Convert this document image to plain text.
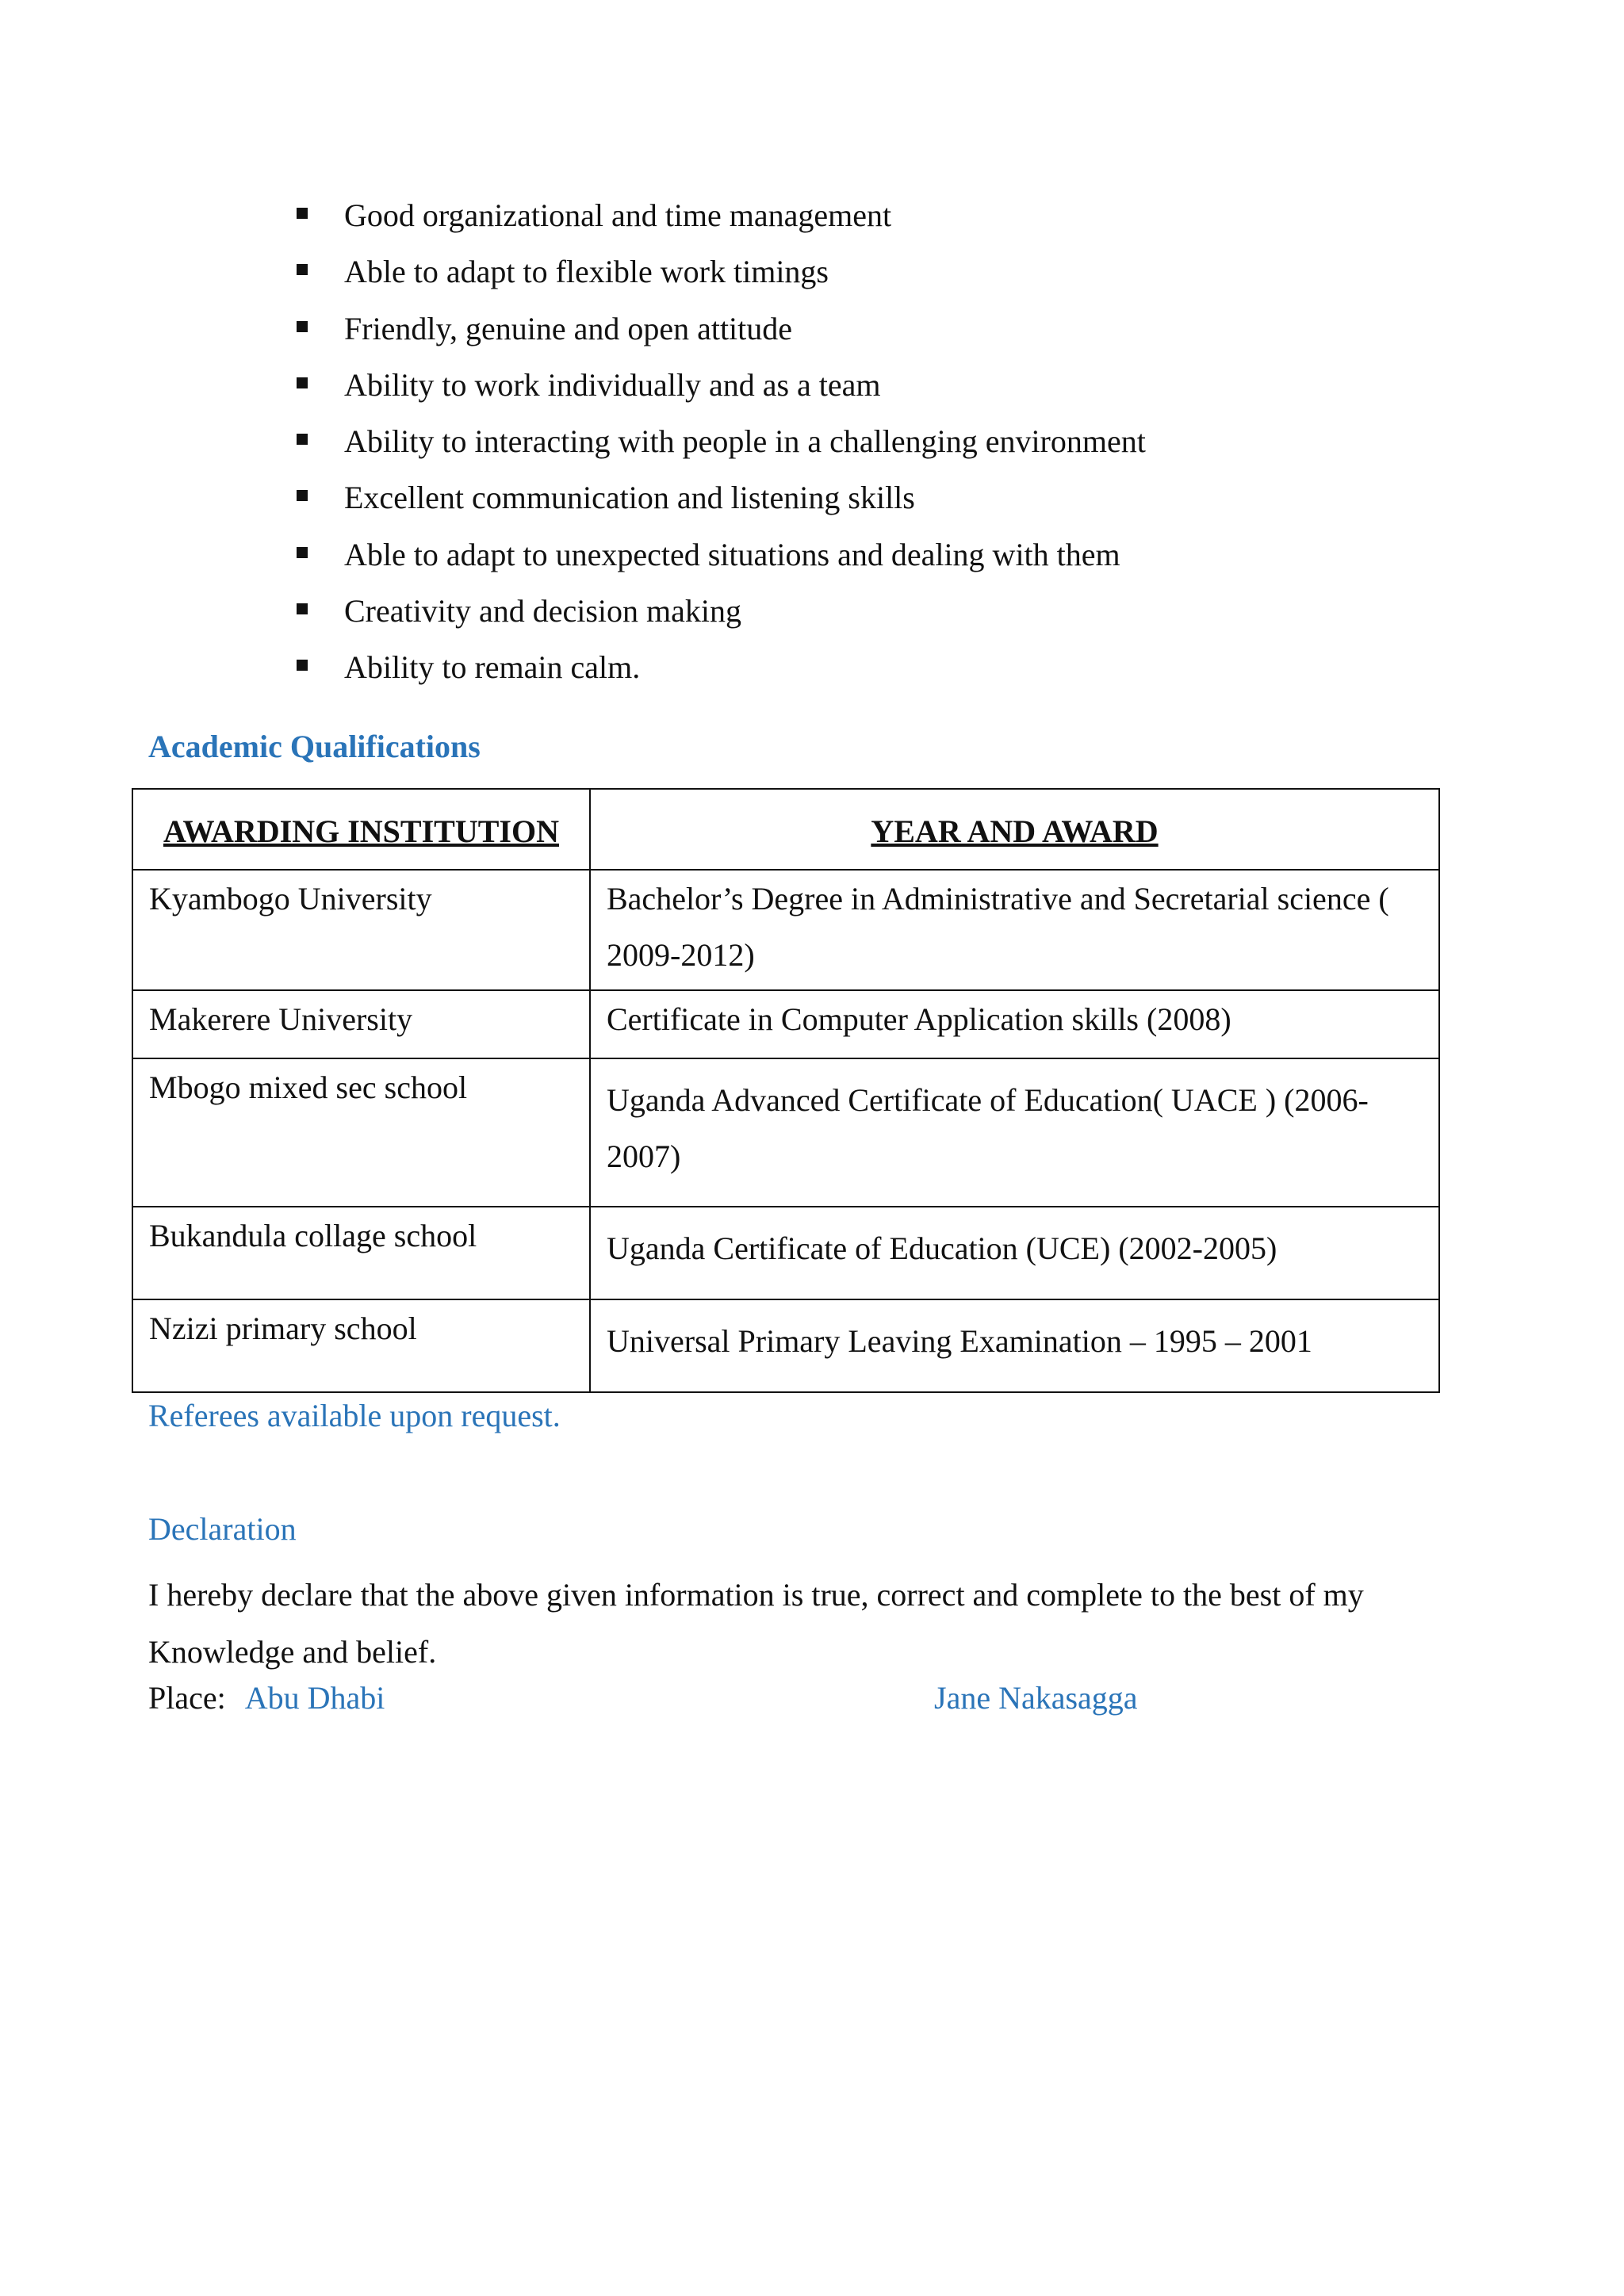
Good organizational and time management
Able to adapt to flexible work timings
Friendly, genuine and open attitude
Ability to work individually and as a team
Ability to interacting with people in a challenging environment
Excellent communication and listening skills
Able to adapt to unexpected situations and dealing with them
Creativity and decision making
Ability to remain calm.
Academic Qualifications
AWARDING INSTITUTION	YEAR AND AWARD

Kyambogo University	Bachelor’s Degree in Administrative and Secretarial science (
2009-2012)

Makerere University	Certificate in Computer Application skills (2008)

Mbogo mixed sec school	Uganda Advanced Certificate of Education( UACE ) (2006-
2007)

Bukandula collage school	Uganda Certificate of Education (UCE) (2002-2005)

Nzizi primary school	Universal Primary Leaving Examination – 1995 – 2001
Referees available upon request.
Declaration
I hereby declare that the above given information is true, correct and complete to the best of my
Knowledge and belief.
Place: Abu Dhabi	Jane Nakasagga
